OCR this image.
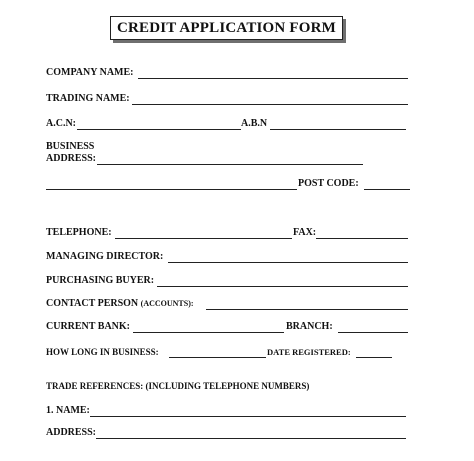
CREDIT APPLICATION FORM
COMPANY NAME:
TRADING NAME:
A.C.N:	A.B.N
BUSINESS
ADDRESS:
POST CODE:
TELEPHONE:	FAX:
MANAGING DIRECTOR:
PURCHASING BUYER:
CONTACT PERSON (ACCOUNTS):
CURRENT BANK:	BRANCH:
HOW LONG IN BUSINESS:	DATE REGISTERED:
TRADE REFERENCES: (INCLUDING TELEPHONE NUMBERS)
1. NAME:
ADDRESS:
